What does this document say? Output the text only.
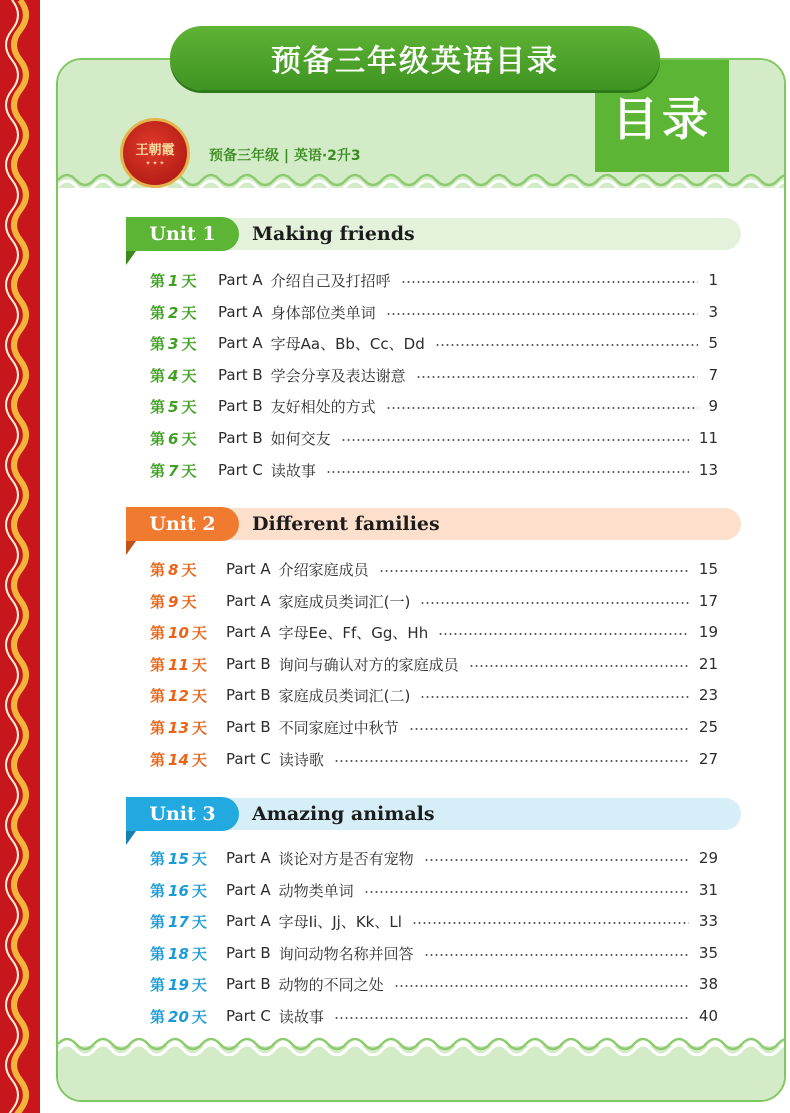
目录
预备三年级英语目录
王朝霞
✦ ✦ ✦	预备三年级 | 英语·2升3
Unit 1	Making friends
第 1 天	Part A 介绍自己及打招呼	1
第 2 天	Part A 身体部位类单词	3
第 3 天	Part A 字母Aa、Bb、Cc、Dd	5
第 4 天	Part B 学会分享及表达谢意	7
第 5 天	Part B 友好相处的方式	9
第 6 天	Part B 如何交友	11
第 7 天	Part C 读故事	13
Unit 2	Different families
第 8 天	Part A 介绍家庭成员	15
第 9 天	Part A 家庭成员类词汇(一)	17
第 10 天	Part A 字母Ee、Ff、Gg、Hh	19
第 11 天	Part B 询问与确认对方的家庭成员	21
第 12 天	Part B 家庭成员类词汇(二)	23
第 13 天	Part B 不同家庭过中秋节	25
第 14 天	Part C 读诗歌	27
Unit 3	Amazing animals
第 15 天	Part A 谈论对方是否有宠物	29
第 16 天	Part A 动物类单词	31
第 17 天	Part A 字母Ii、Jj、Kk、Ll	33
第 18 天	Part B 询问动物名称并回答	35
第 19 天	Part B 动物的不同之处	38
第 20 天	Part C 读故事	40
